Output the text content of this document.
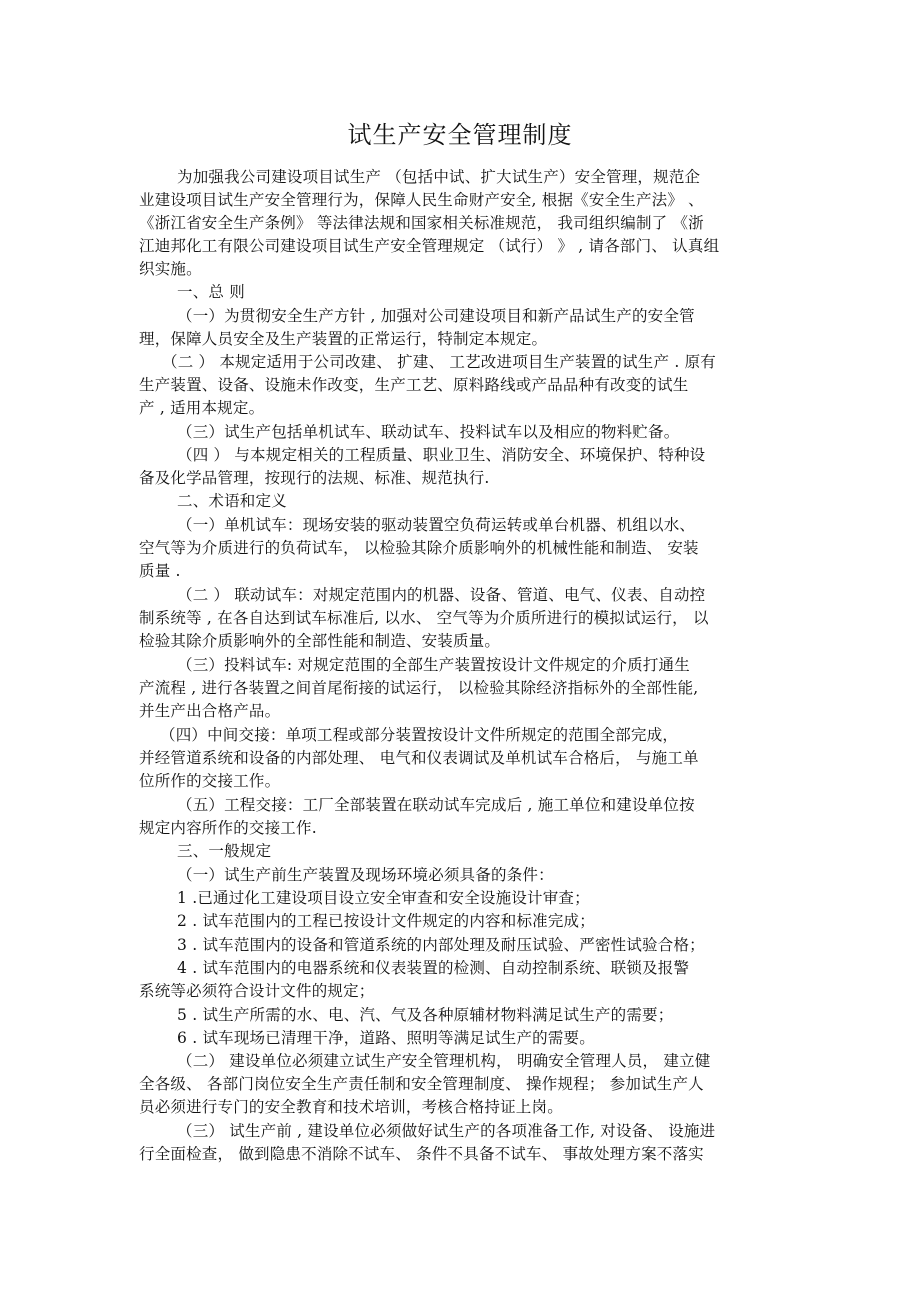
试生产安全管理制度
为加强我公司建设项目试生产 （包括中试、扩大试生产）安全管理，规范企
业建设项目试生产安全管理行为，保障人民生命财产安全, 根据《安全生产法》 、
《浙江省安全生产条例》 等法律法规和国家相关标准规范， 我司组织编制了 《浙
江迪邦化工有限公司建设项目试生产安全管理规定 （试行） 》 , 请各部门、 认真组
织实施。
一、总 则
（一）为贯彻安全生产方针 , 加强对公司建设项目和新产品试生产的安全管
理，保障人员安全及生产装置的正常运行，特制定本规定。
（二 ） 本规定适用于公司改建、 扩建、 工艺改进项目生产装置的试生产 . 原有
生产装置、设备、设施未作改变，生产工艺、原料路线或产品品种有改变的试生
产 , 适用本规定。
（三）试生产包括单机试车、联动试车、投料试车以及相应的物料贮备。
（四 ） 与本规定相关的工程质量、职业卫生、消防安全、环境保护、特种设
备及化学品管理，按现行的法规、标准、规范执行.
二、术语和定义
（一）单机试车：现场安装的驱动装置空负荷运转或单台机器、机组以水、
空气等为介质进行的负荷试车， 以检验其除介质影响外的机械性能和制造、 安装
质量 .
（二 ） 联动试车：对规定范围内的机器、设备、管道、电气、仪表、自动控
制系统等 , 在各自达到试车标准后, 以水、 空气等为介质所进行的模拟试运行， 以
检验其除介质影响外的全部性能和制造、安装质量。
（三）投料试车: 对规定范围的全部生产装置按设计文件规定的介质打通生
产流程 , 进行各装置之间首尾衔接的试运行， 以检验其除经济指标外的全部性能,
并生产出合格产品。
（四）中间交接：单项工程或部分装置按设计文件所规定的范围全部完成，
并经管道系统和设备的内部处理、 电气和仪表调试及单机试车合格后， 与施工单
位所作的交接工作。
（五）工程交接：工厂全部装置在联动试车完成后 , 施工单位和建设单位按
规定内容所作的交接工作.
三、一般规定
（一）试生产前生产装置及现场环境必须具备的条件：
1 .已通过化工建设项目设立安全审查和安全设施设计审查；
2 . 试车范围内的工程已按设计文件规定的内容和标准完成；
3 . 试车范围内的设备和管道系统的内部处理及耐压试验、严密性试验合格；
4 . 试车范围内的电器系统和仪表装置的检测、自动控制系统、联锁及报警
系统等必须符合设计文件的规定；
5 . 试生产所需的水、电、汽、气及各种原辅材物料满足试生产的需要；
6 . 试车现场已清理干净，道路、照明等满足试生产的需要。
（二） 建设单位必须建立试生产安全管理机构， 明确安全管理人员， 建立健
全各级、 各部门岗位安全生产责任制和安全管理制度、 操作规程； 参加试生产人
员必须进行专门的安全教育和技术培训，考核合格持证上岗。
（三） 试生产前 , 建设单位必须做好试生产的各项准备工作, 对设备、 设施进
行全面检查， 做到隐患不消除不试车、 条件不具备不试车、 事故处理方案不落实
